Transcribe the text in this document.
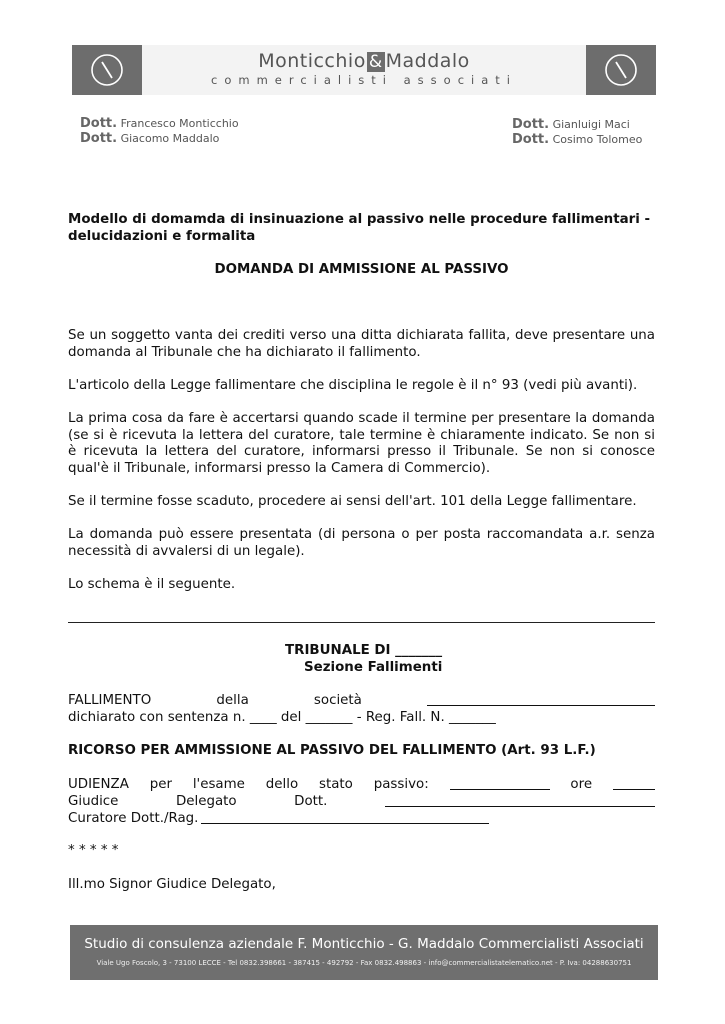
Monticchio & Maddalo
commercialisti associati
Dott. Francesco Monticchio
Dott. Giacomo Maddalo
Dott. Gianluigi Maci
Dott. Cosimo Tolomeo
Modello di domamda di insinuazione al passivo nelle procedure fallimentari - delucidazioni e formalita
DOMANDA DI AMMISSIONE AL PASSIVO
Se un soggetto vanta dei crediti verso una ditta dichiarata fallita, deve presentare una domanda al Tribunale che ha dichiarato il fallimento.
L'articolo della Legge fallimentare che disciplina le regole è il n° 93 (vedi più avanti).
La prima cosa da fare è accertarsi quando scade il termine per presentare la domanda (se si è ricevuta la lettera del curatore, tale termine è chiaramente indicato. Se non si è ricevuta la lettera del curatore, informarsi presso il Tribunale. Se non si conosce qual'è il Tribunale, informarsi presso la Camera di Commercio).
Se il termine fosse scaduto, procedere ai sensi dell'art. 101 della Legge fallimentare.
La domanda può essere presentata (di persona o per posta raccomandata a.r. senza necessità di avvalersi di un legale).
Lo schema è il seguente.
TRIBUNALE DI _______
Sezione Fallimenti
FALLIMENTO	della	società
dichiarato con sentenza n. ____ del _______ - Reg. Fall. N. _______
RICORSO PER AMMISSIONE AL PASSIVO DEL FALLIMENTO (Art. 93 L.F.)
UDIENZA per l'esame dello stato passivo:	ore
Giudice	Delegato	Dott.
Curatore Dott./Rag.
* * * * *
Ill.mo Signor Giudice Delegato,
Studio di consulenza aziendale F. Monticchio - G. Maddalo Commercialisti Associati
Viale Ugo Foscolo, 3 - 73100 LECCE - Tel 0832.398661 - 387415 - 492792 - Fax 0832.498863 - info@commercialistatelematico.net - P. Iva: 04288630751
